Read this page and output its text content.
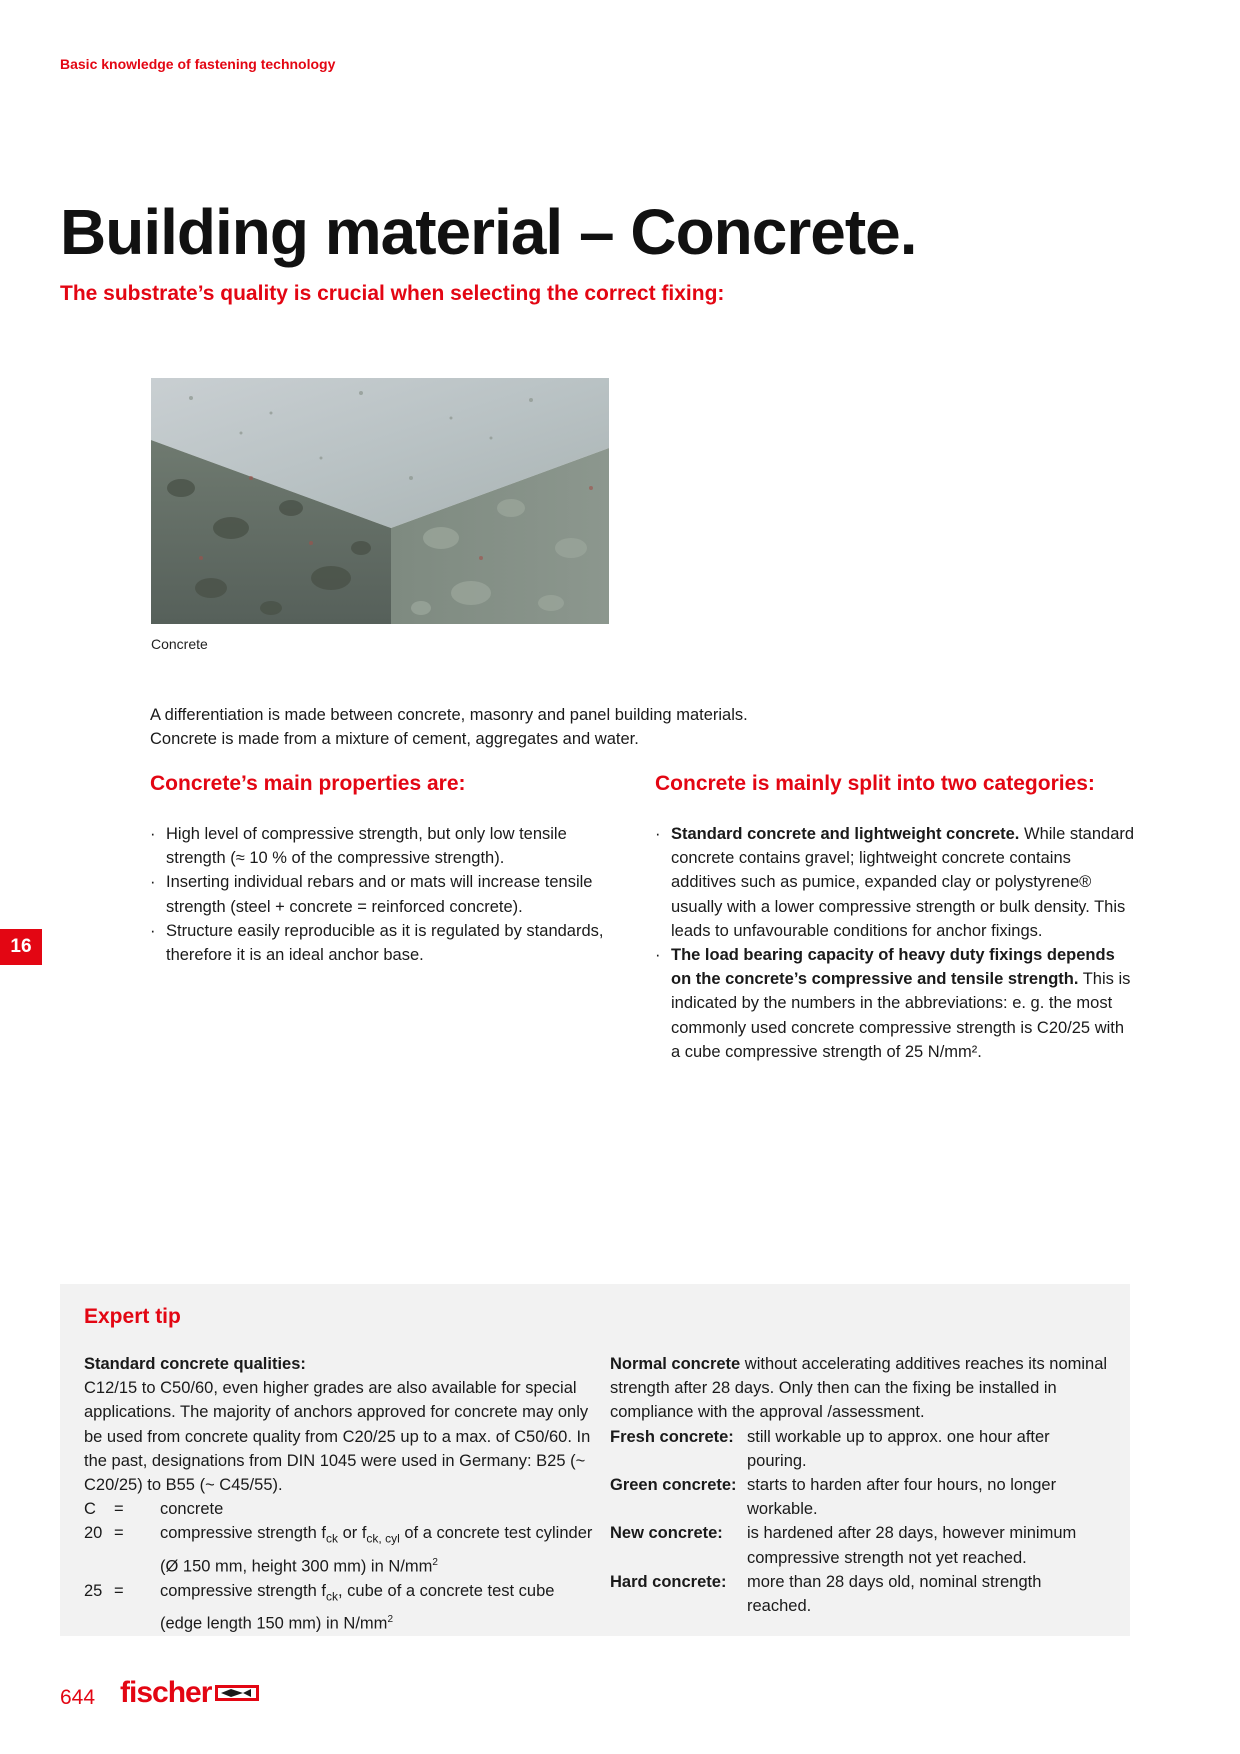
Basic knowledge of fastening technology
Building material – Concrete.
The substrate’s quality is crucial when selecting the correct fixing:
Concrete

A differentiation is made between concrete, masonry and panel building materials.

Concrete is made from a mixture of cement, aggregates and water.

Concrete’s main properties are:
· High level of compressive strength, but only low tensile strength (≈ 10 % of the compressive strength).
· Inserting individual rebars and or mats will increase tensile strength (steel + concrete = reinforced concrete).
· Structure easily reproducible as it is regulated by standards, therefore it is an ideal anchor base.
Concrete is mainly split into two categories:
· Standard concrete and lightweight concrete. While standard concrete contains gravel; lightweight concrete contains additives such as pumice, expanded clay or polystyrene® usually with a lower compressive strength or bulk density. This leads to unfavourable conditions for anchor fixings.
· The load bearing capacity of heavy duty fixings depends on the concrete’s compressive and tensile strength. This is indicated by the numbers in the abbreviations: e. g. the most commonly used concrete compressive strength is C20/25 with a cube compressive strength of 25 N/mm².
16
Expert tip

Standard concrete qualities:

C12/15 to C50/60, even higher grades are also available for special applications. The majority of anchors approved for concrete may only be used from concrete quality from C20/25 up to a max. of C50/60. In the past, designations from DIN 1045 were used in Germany: B25 (~ C20/25) to B55 (~ C45/55).

C	=	concrete
20 =	compressive strength $f_{ck}$ or $f_{ck, cyl}$ of a concrete test cylinder (Ø 150 mm, height 300 mm) in $N/mm^2$
25 =	compressive strength $f_{ck}$, cube of a concrete test cube (edge length 150 mm) in $N/mm^2$

Normal concrete without accelerating additives reaches its nominal strength after 28 days. Only then can the fixing be installed in compliance with the approval /assessment.

Fresh concrete: still workable up to approx. one hour after pouring.
Green concrete: starts to harden after four hours, no longer workable.
New concrete:	is hardened after 28 days, however minimum compressive strength not yet reached.
Hard concrete:	more than 28 days old, nominal strength reached.
644 fischer
